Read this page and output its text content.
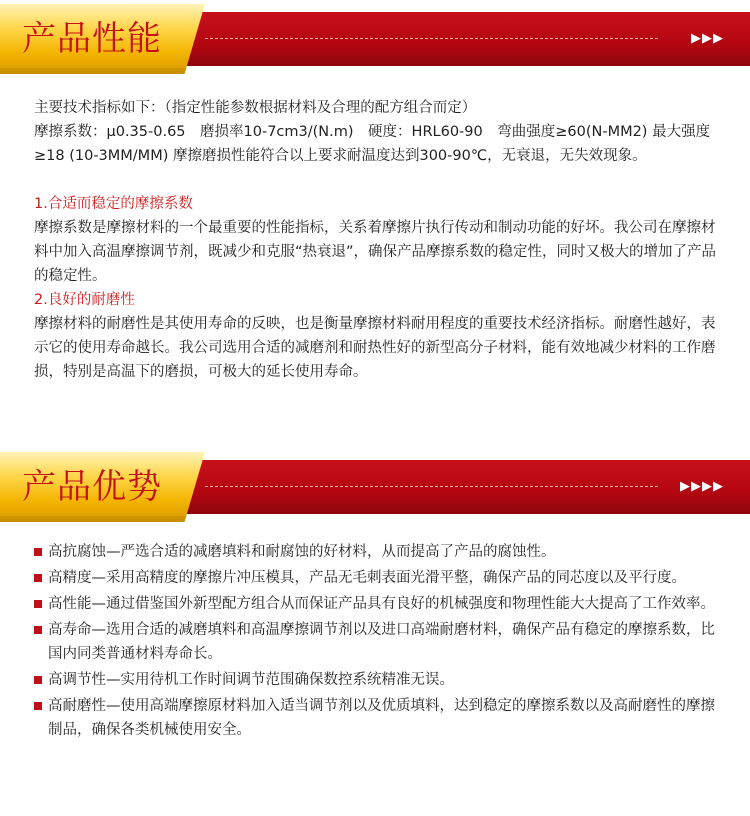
产品性能	▶▶▶

主要技术指标如下：（指定性能参数根据材料及合理的配方组合而定）

摩擦系数：μ0.35-0.65　磨损率10-7cm3/(N.m)　硬度：HRL60-90　弯曲强度≥60(N-MM2) 最大强度≥18 (10-3MM/MM) 摩擦磨损性能符合以上要求耐温度达到300-90℃，无衰退，无失效现象。

1.合适而稳定的摩擦系数

摩擦系数是摩擦材料的一个最重要的性能指标，关系着摩擦片执行传动和制动功能的好坏。我公司在摩擦材料中加入高温摩擦调节剂，既减少和克服“热衰退”，确保产品摩擦系数的稳定性，同时又极大的增加了产品的稳定性。

2.良好的耐磨性

摩擦材料的耐磨性是其使用寿命的反映，也是衡量摩擦材料耐用程度的重要技术经济指标。耐磨性越好，表示它的使用寿命越长。我公司选用合适的减磨剂和耐热性好的新型高分子材料，能有效地减少材料的工作磨损，特别是高温下的磨损，可极大的延长使用寿命。

产品优势	▶▶▶▶
高抗腐蚀—严选合适的减磨填料和耐腐蚀的好材料，从而提高了产品的腐蚀性。
高精度—采用高精度的摩擦片冲压模具，产品无毛刺表面光滑平整，确保产品的同芯度以及平行度。
高性能—通过借鉴国外新型配方组合从而保证产品具有良好的机械强度和物理性能大大提高了工作效率。
高寿命—选用合适的减磨填料和高温摩擦调节剂以及进口高端耐磨材料，确保产品有稳定的摩擦系数，比国内同类普通材料寿命长。
高调节性—实用待机工作时间调节范围确保数控系统精准无误。
高耐磨性—使用高端摩擦原材料加入适当调节剂以及优质填料，达到稳定的摩擦系数以及高耐磨性的摩擦制品，确保各类机械使用安全。
